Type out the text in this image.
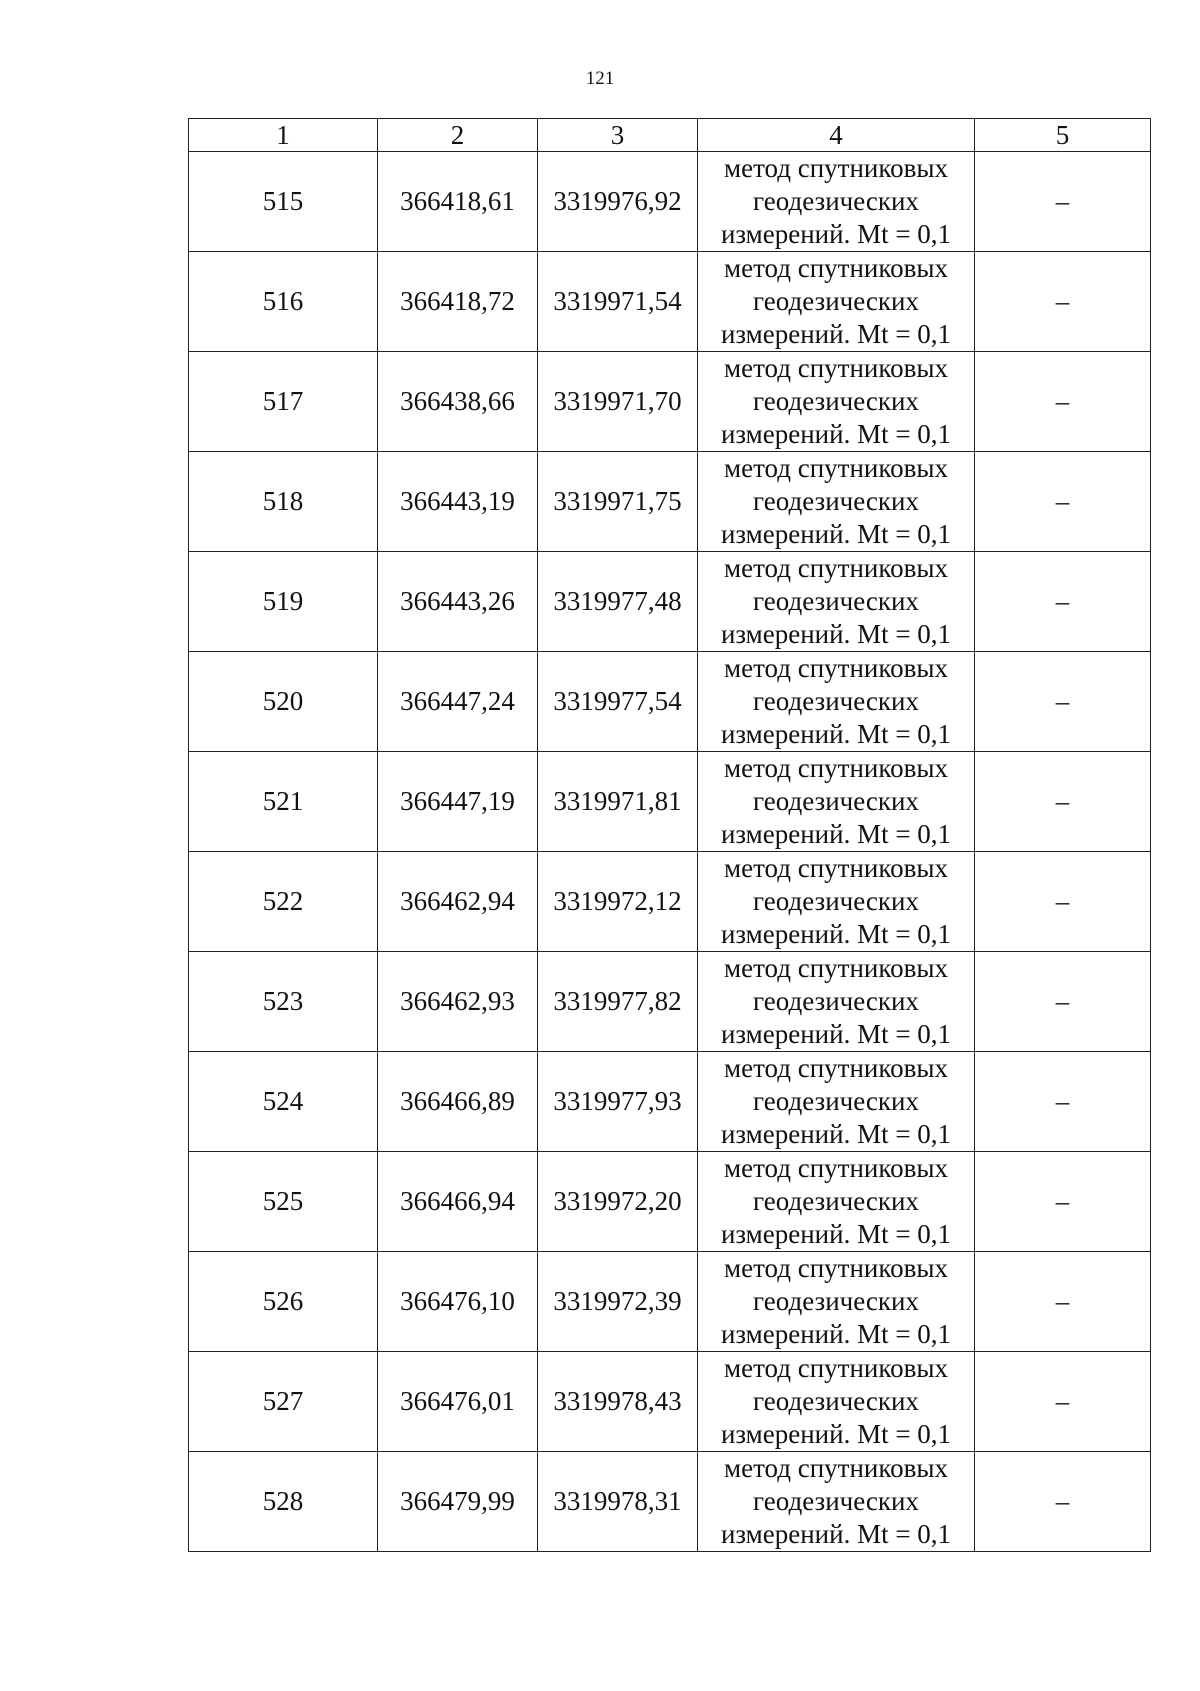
121
1	2	3	4	5
515	366418,61	3319976,92	метод спутниковых
геодезических
измерений. Mt = 0,1	–
516	366418,72	3319971,54	метод спутниковых
геодезических
измерений. Mt = 0,1	–
517	366438,66	3319971,70	метод спутниковых
геодезических
измерений. Mt = 0,1	–
518	366443,19	3319971,75	метод спутниковых
геодезических
измерений. Mt = 0,1	–
519	366443,26	3319977,48	метод спутниковых
геодезических
измерений. Mt = 0,1	–
520	366447,24	3319977,54	метод спутниковых
геодезических
измерений. Mt = 0,1	–
521	366447,19	3319971,81	метод спутниковых
геодезических
измерений. Mt = 0,1	–
522	366462,94	3319972,12	метод спутниковых
геодезических
измерений. Mt = 0,1	–
523	366462,93	3319977,82	метод спутниковых
геодезических
измерений. Mt = 0,1	–
524	366466,89	3319977,93	метод спутниковых
геодезических
измерений. Mt = 0,1	–
525	366466,94	3319972,20	метод спутниковых
геодезических
измерений. Mt = 0,1	–
526	366476,10	3319972,39	метод спутниковых
геодезических
измерений. Mt = 0,1	–
527	366476,01	3319978,43	метод спутниковых
геодезических
измерений. Mt = 0,1	–
528	366479,99	3319978,31	метод спутниковых
геодезических
измерений. Mt = 0,1	–
